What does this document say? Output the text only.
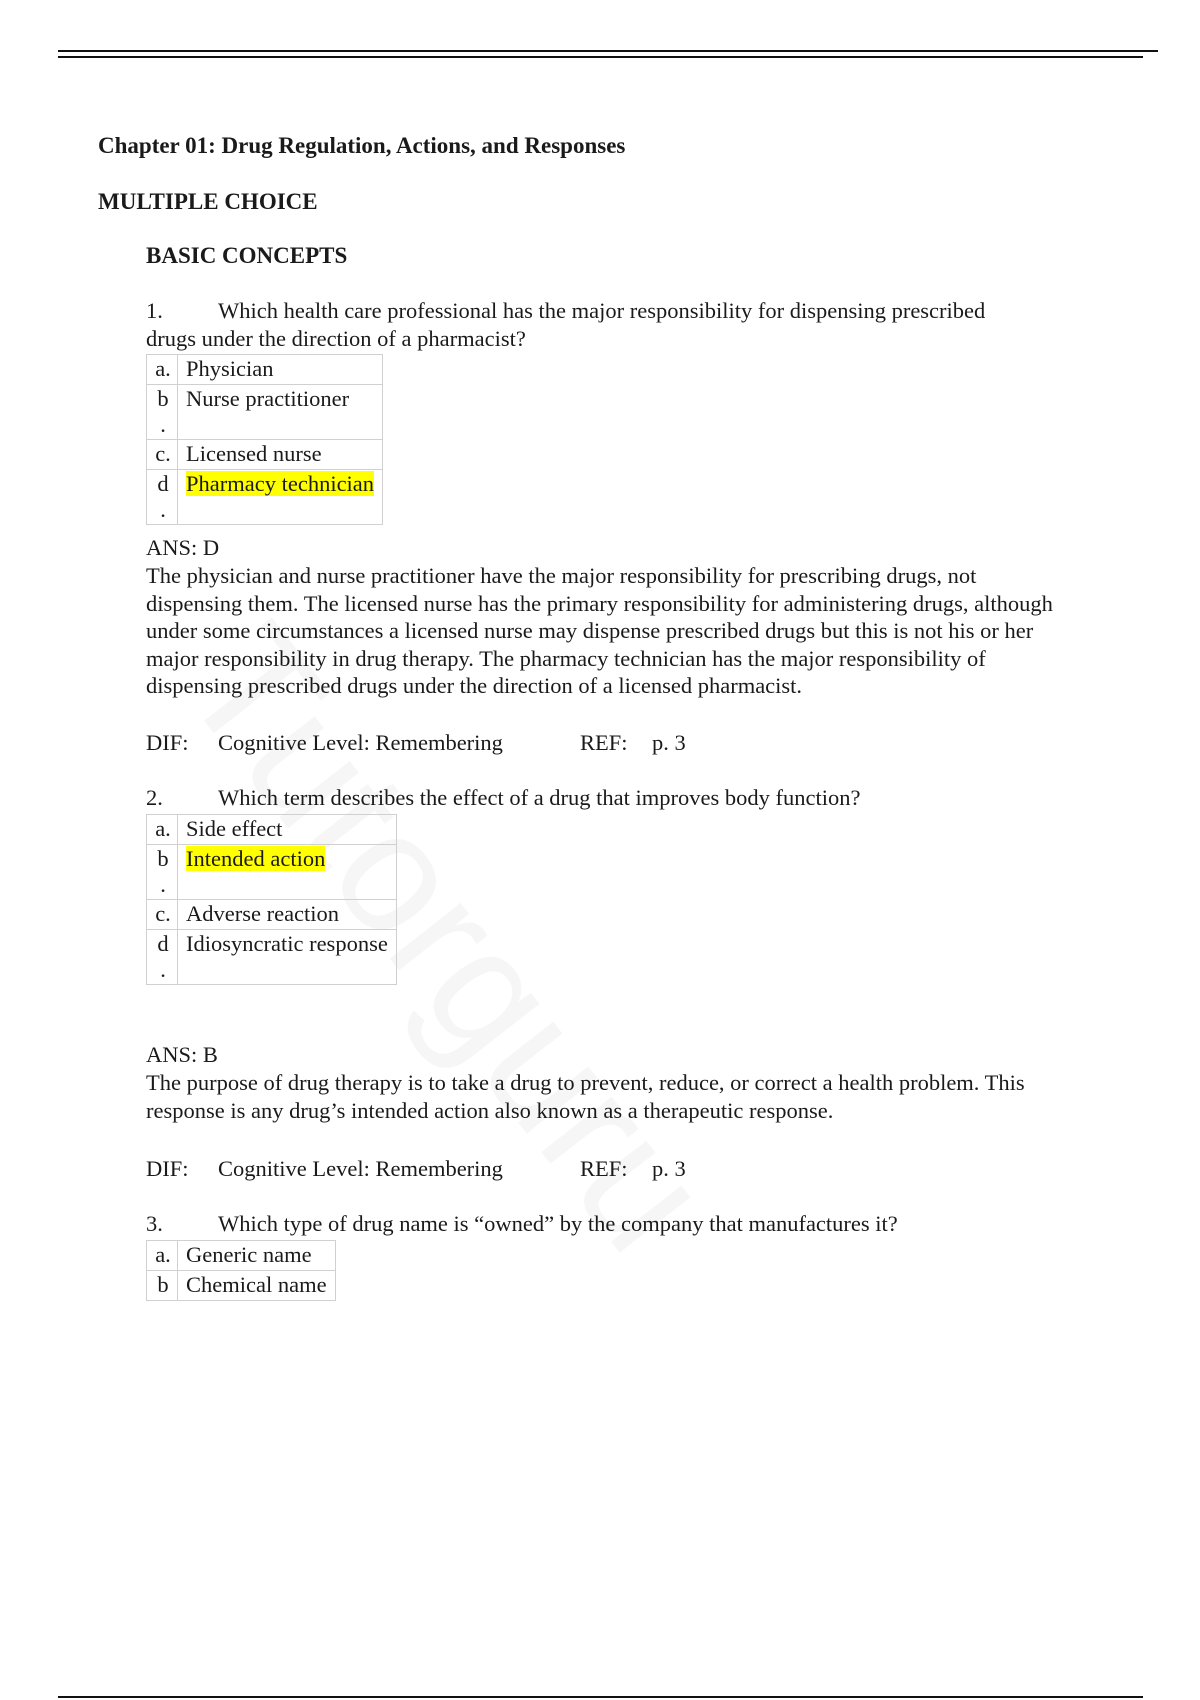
Chapter 01: Drug Regulation, Actions, and Responses
MULTIPLE CHOICE
BASIC CONCEPTS
1. Which health care professional has the major responsibility for dispensing prescribed
drugs under the direction of a pharmacist?
a.	Physician
b
.	Nurse practitioner
c.	Licensed nurse
d
.	Pharmacy technician
ANS: D
The physician and nurse practitioner have the major responsibility for prescribing drugs, not dispensing them. The licensed nurse has the primary responsibility for administering drugs, although under some circumstances a licensed nurse may dispense prescribed drugs but this is not his or her major responsibility in drug therapy. The pharmacy technician has the major responsibility of dispensing prescribed drugs under the direction of a licensed pharmacist.
DIF: Cognitive Level: Remembering	REF: p. 3
2. Which term describes the effect of a drug that improves body function?
a.	Side effect
b
.	Intended action
c.	Adverse reaction
d
.	Idiosyncratic response
ANS: B
The purpose of drug therapy is to take a drug to prevent, reduce, or correct a health problem. This response is any drug’s intended action also known as a therapeutic response.
DIF: Cognitive Level: Remembering	REF: p. 3
3. Which type of drug name is “owned” by the company that manufactures it?
a.	Generic name
b	Chemical name
